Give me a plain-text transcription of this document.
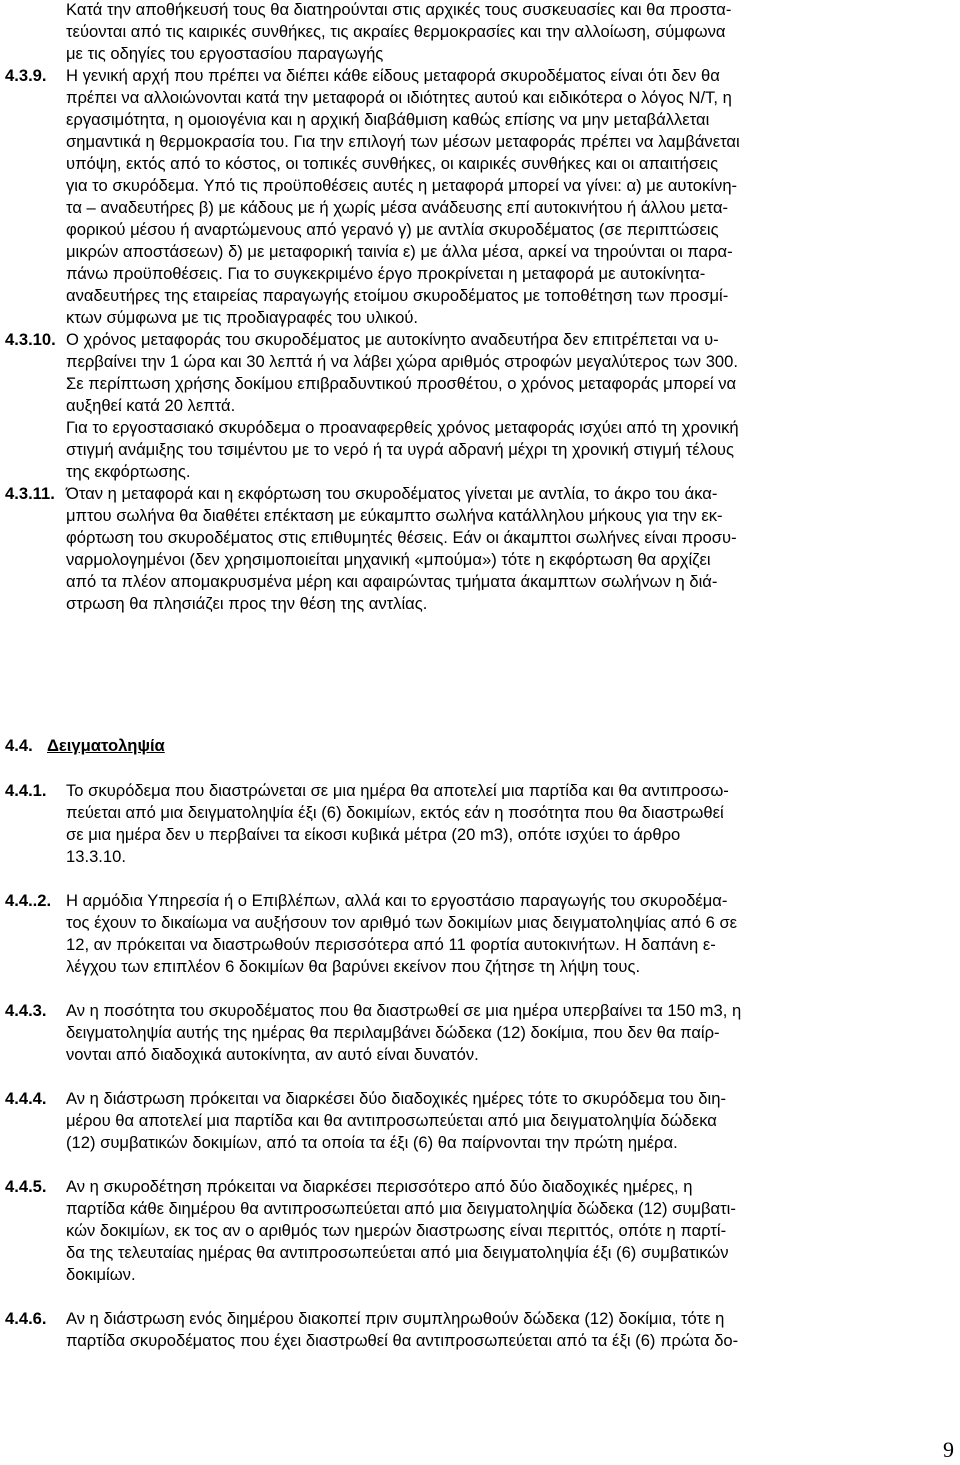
Κατά την αποθήκευσή τους θα διατηρούνται στις αρχικές τους συσκευασίες και θα προστα-
τεύονται από τις καιρικές συνθήκες, τις ακραίες θερμοκρασίες και την αλλοίωση, σύμφωνα
με τις οδηγίες του εργοστασίου παραγωγής
4.3.9. Η γενική αρχή που πρέπει να διέπει κάθε είδους μεταφορά σκυροδέματος είναι ότι δεν θα
πρέπει να αλλοιώνονται κατά την μεταφορά οι ιδιότητες αυτού και ειδικότερα ο λόγος Ν/Τ, η
εργασιμότητα, η ομοιογένια και η αρχική διαβάθμιση καθώς επίσης να μην μεταβάλλεται
σημαντικά η θερμοκρασία του. Για την επιλογή των μέσων μεταφοράς πρέπει να λαμβάνεται
υπόψη, εκτός από το κόστος, οι τοπικές συνθήκες, οι καιρικές συνθήκες και οι απαιτήσεις
για το σκυρόδεμα. Υπό τις προϋποθέσεις αυτές η μεταφορά μπορεί να γίνει: α) με αυτοκίνη-
τα – αναδευτήρες β) με κάδους με ή χωρίς μέσα ανάδευσης επί αυτοκινήτου ή άλλου μετα-
φορικού μέσου ή αναρτώμενους από γερανό γ) με αντλία σκυροδέματος (σε περιπτώσεις
μικρών αποστάσεων) δ) με μεταφορική ταινία ε) με άλλα μέσα, αρκεί να τηρούνται οι παρα-
πάνω προϋποθέσεις. Για το συγκεκριμένο έργο προκρίνεται η μεταφορά με αυτοκίνητα-
αναδευτήρες της εταιρείας παραγωγής ετοίμου σκυροδέματος με τοποθέτηση των προσμί-
κτων σύμφωνα με τις προδιαγραφές του υλικού.
4.3.10. Ο χρόνος μεταφοράς του σκυροδέματος με αυτοκίνητο αναδευτήρα δεν επιτρέπεται να υ-
περβαίνει την 1 ώρα και 30 λεπτά ή να λάβει χώρα αριθμός στροφών μεγαλύτερος των 300.
Σε περίπτωση χρήσης δοκίμου επιβραδυντικού προσθέτου, ο χρόνος μεταφοράς μπορεί να
αυξηθεί κατά 20 λεπτά.
Για το εργοστασιακό σκυρόδεμα ο προαναφερθείς χρόνος μεταφοράς ισχύει από τη χρονική
στιγμή ανάμιξης του τσιμέντου με το νερό ή τα υγρά αδρανή μέχρι τη χρονική στιγμή τέλους
της εκφόρτωσης.
4.3.11. Όταν η μεταφορά και η εκφόρτωση του σκυροδέματος γίνεται με αντλία, το άκρο του άκα-
μπτου σωλήνα θα διαθέτει επέκταση με εύκαμπτο σωλήνα κατάλληλου μήκους για την εκ-
φόρτωση του σκυροδέματος στις επιθυμητές θέσεις. Εάν οι άκαμπτοι σωλήνες είναι προσυ-
ναρμολογημένοι (δεν χρησιμοποιείται μηχανική «μπούμα») τότε η εκφόρτωση θα αρχίζει
από τα πλέον απομακρυσμένα μέρη και αφαιρώντας τμήματα άκαμπτων σωλήνων η διά-
στρωση θα πλησιάζει προς την θέση της αντλίας.
4.4. Δειγματοληψία
4.4.1. Το σκυρόδεμα που διαστρώνεται σε μια ημέρα θα αποτελεί μια παρτίδα και θα αντιπροσω-
πεύεται από μια δειγματοληψία έξι (6) δοκιμίων, εκτός εάν η ποσότητα που θα διαστρωθεί
σε μια ημέρα δεν υ περβαίνει τα είκοσι κυβικά μέτρα (20 m3), οπότε ισχύει το άρθρο
13.3.10.
4.4..2. Η αρμόδια Υπηρεσία ή ο Επιβλέπων, αλλά και το εργοστάσιο παραγωγής του σκυροδέμα-
τος έχουν το δικαίωμα να αυξήσουν τον αριθμό των δοκιμίων μιας δειγματοληψίας από 6 σε
12, αν πρόκειται να διαστρωθούν περισσότερα από 11 φορτία αυτοκινήτων. Η δαπάνη ε-
λέγχου των επιπλέον 6 δοκιμίων θα βαρύνει εκείνον που ζήτησε τη λήψη τους.
4.4.3. Αν η ποσότητα του σκυροδέματος που θα διαστρωθεί σε μια ημέρα υπερβαίνει τα 150 m3, η
δειγματοληψία αυτής της ημέρας θα περιλαμβάνει δώδεκα (12) δοκίμια, που δεν θα παίρ-
νονται από διαδοχικά αυτοκίνητα, αν αυτό είναι δυνατόν.
4.4.4. Αν η διάστρωση πρόκειται να διαρκέσει δύο διαδοχικές ημέρες τότε το σκυρόδεμα του διη-
μέρου θα αποτελεί μια παρτίδα και θα αντιπροσωπεύεται από μια δειγματοληψία δώδεκα
(12) συμβατικών δοκιμίων, από τα οποία τα έξι (6) θα παίρνονται την πρώτη ημέρα.
4.4.5. Αν η σκυροδέτηση πρόκειται να διαρκέσει περισσότερο από δύο διαδοχικές ημέρες, η
παρτίδα κάθε διημέρου θα αντιπροσωπεύεται από μια δειγματοληψία δώδεκα (12) συμβατι-
κών δοκιμίων, εκ τος αν ο αριθμός των ημερών διαστρωσης είναι περιττός, οπότε η παρτί-
δα της τελευταίας ημέρας θα αντιπροσωπεύεται από μια δειγματοληψία έξι (6) συμβατικών
δοκιμίων.
4.4.6. Αν η διάστρωση ενός διημέρου διακοπεί πριν συμπληρωθούν δώδεκα (12) δοκίμια, τότε η
παρτίδα σκυροδέματος που έχει διαστρωθεί θα αντιπροσωπεύεται από τα έξι (6) πρώτα δο-
9
